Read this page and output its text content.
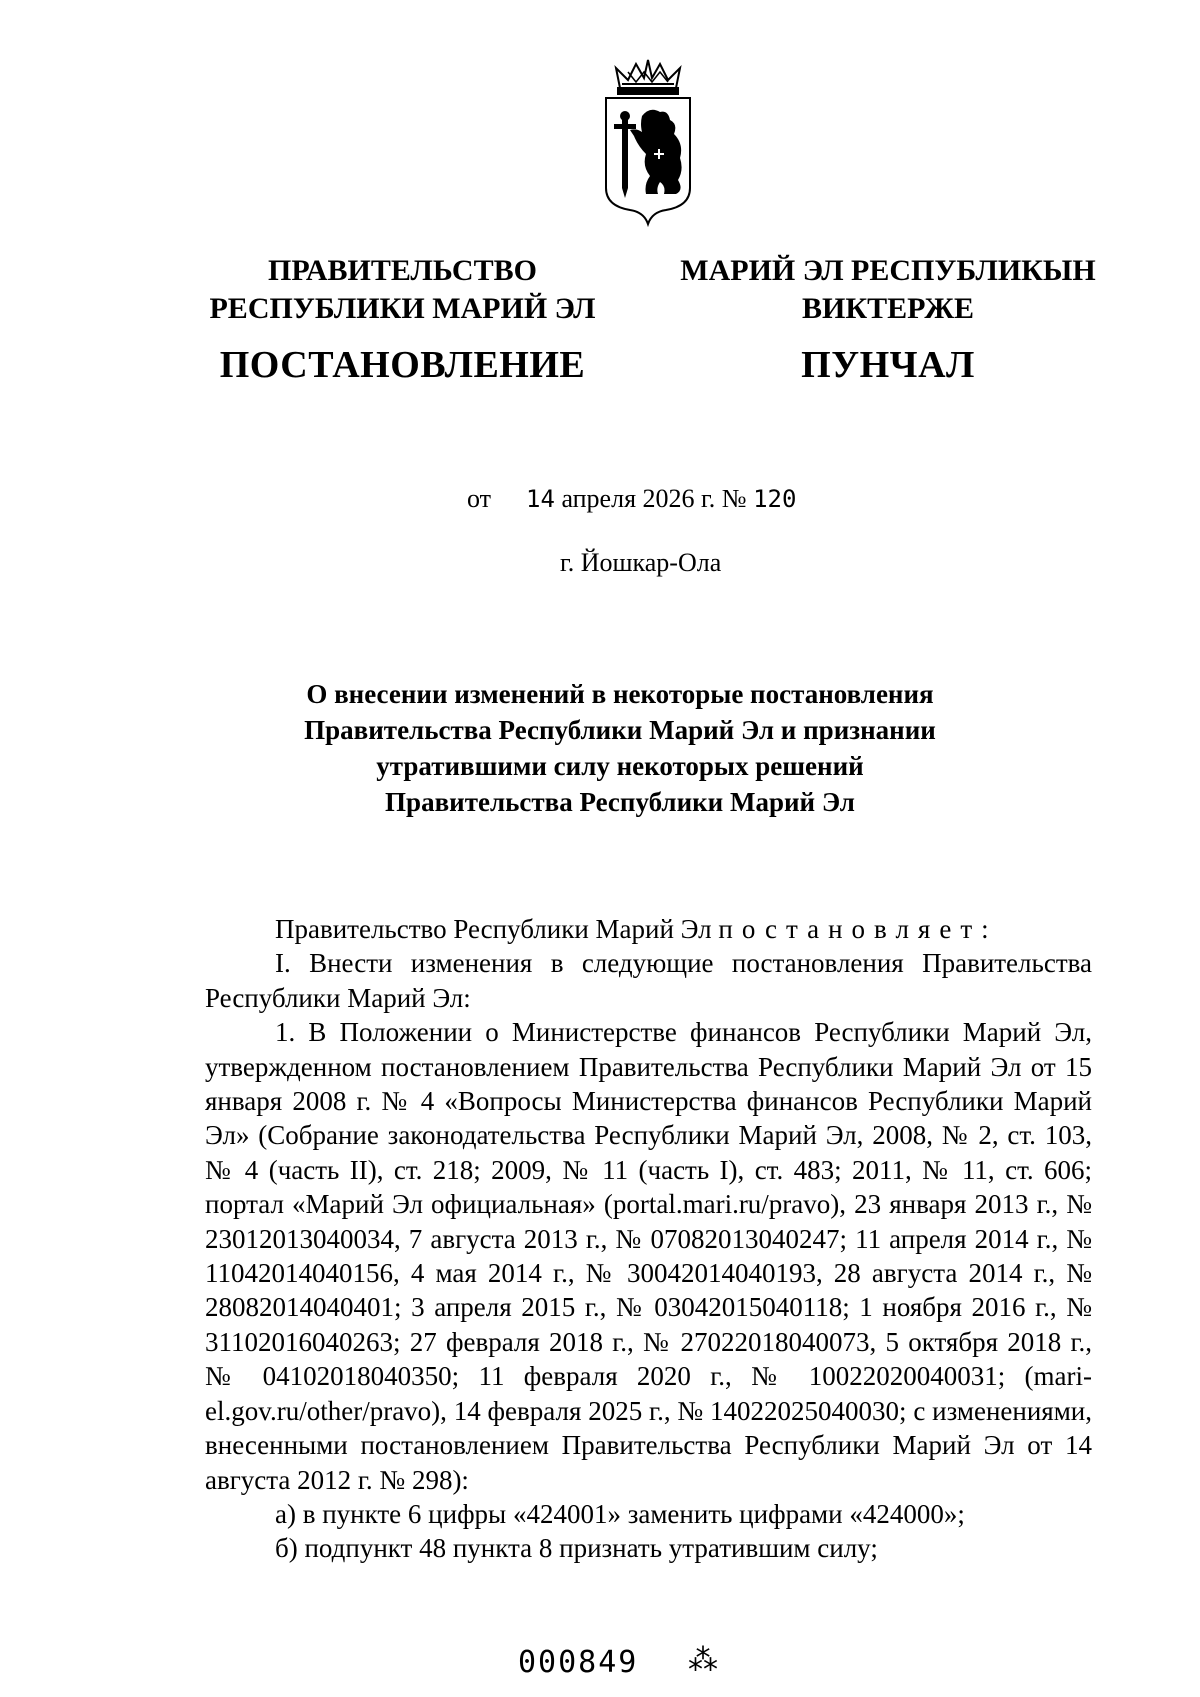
ПРАВИТЕЛЬСТВО
РЕСПУБЛИКИ МАРИЙ ЭЛ
ПОСТАНОВЛЕНИЕ
МАРИЙ ЭЛ РЕСПУБЛИКЫН
ВИКТЕРЖЕ
ПУНЧАЛ
от 14 апреля 2026 г. № 120
г. Йошкар-Ола
О внесении изменений в некоторые постановления
Правительства Республики Марий Эл и признании
утратившими силу некоторых решений
Правительства Республики Марий Эл

Правительство Республики Марий Эл постановляет:

I. Внести изменения в следующие постановления Правительства Республики Марий Эл:

1. В Положении о Министерстве финансов Республики Марий Эл, утвержденном постановлением Правительства Республики Марий Эл от 15 января 2008 г. № 4 «Вопросы Министерства финансов Республики Марий Эл» (Собрание законодательства Республики Марий Эл, 2008, № 2, ст. 103, № 4 (часть II), ст. 218; 2009, № 11 (часть I), ст. 483; 2011, № 11, ст. 606; портал «Марий Эл официальная» (portal.mari.ru/pravo), 23 января 2013 г., № 23012013040034, 7 августа 2013 г., № 07082013040247; 11 апреля 2014 г., № 11042014040156, 4 мая 2014 г., № 30042014040193, 28 августа 2014 г., № 28082014040401; 3 апреля 2015 г., № 03042015040118; 1 ноября 2016 г., № 31102016040263; 27 февраля 2018 г., № 27022018040073, 5 октября 2018 г., № 04102018040350; 11 февраля 2020 г., № 10022020040031; (mari-el.gov.ru/other/pravo), 14 февраля 2025 г., № 14022025040030; с изменениями, внесенными постановлением Правительства Республики Марий Эл от 14 августа 2012 г. № 298):

а) в пункте 6 цифры «424001» заменить цифрами «424000»;

б) подпункт 48 пункта 8 признать утратившим силу;

000849 ⁂
